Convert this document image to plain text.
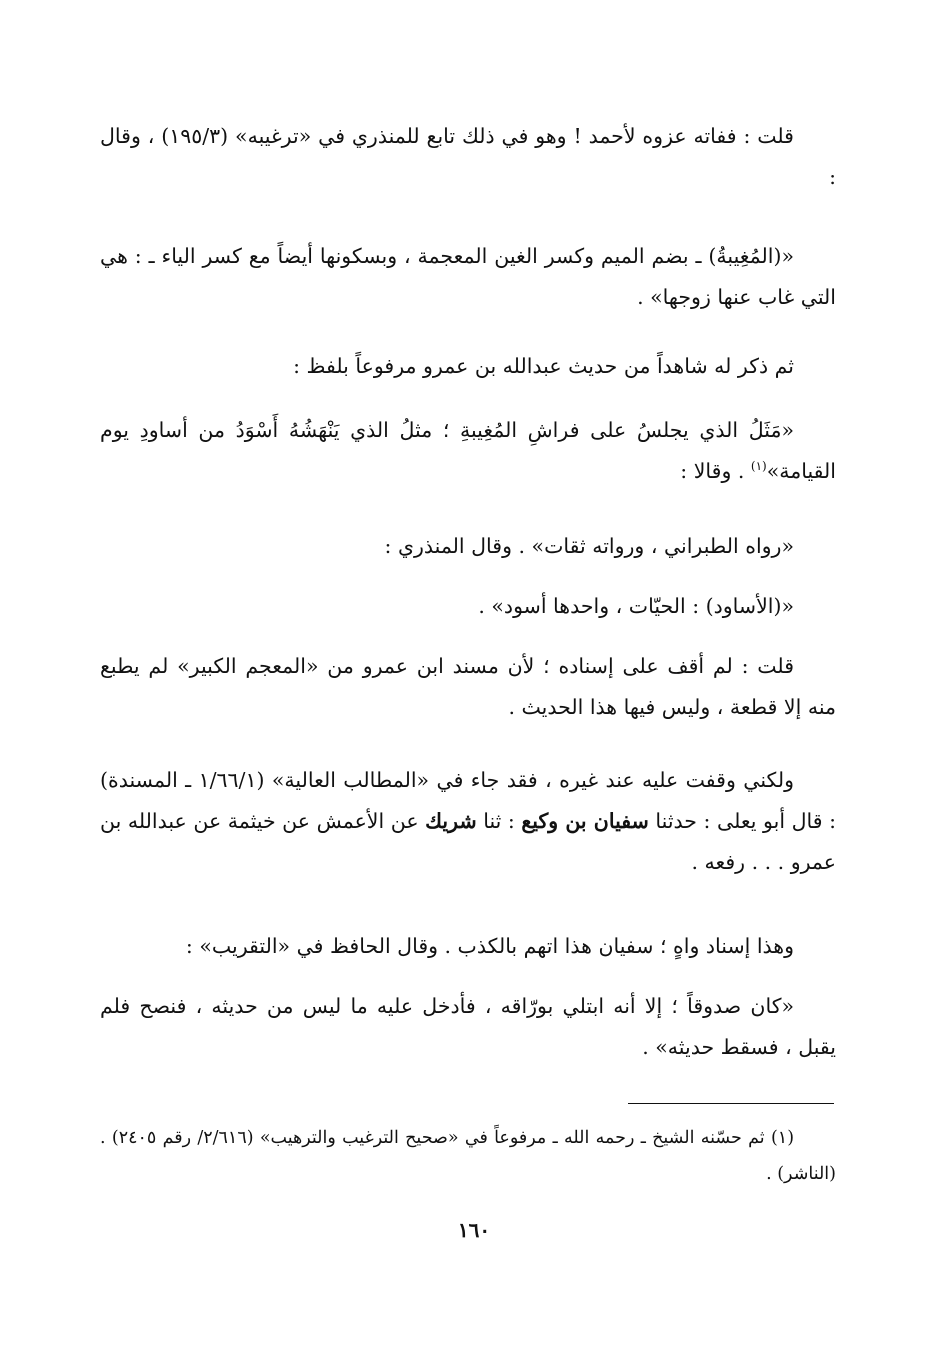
قلت : ففاته عزوه لأحمد ! وهو في ذلك تابع للمنذري في «ترغيبه» (١٩٥/٣) ، وقال :

«(المُغِيبةُ) ـ بضم الميم وكسر الغين المعجمة ، وبسكونها أيضاً مع كسر الياء ـ : هي التي غاب عنها زوجها» .

ثم ذكر له شاهداً من حديث عبدالله بن عمرو مرفوعاً بلفظ :

«مَثَلُ الذي يجلسُ على فراشِ المُغِيبةِ ؛ مثلُ الذي يَنْهَشُهُ أَسْوَدُ من أساودِ يوم القيامة»$^{(١)}$ . وقالا :

«رواه الطبراني ، ورواته ثقات» . وقال المنذري :

«(الأساود) : الحيّات ، واحدها أسود» .

قلت : لم أقف على إسناده ؛ لأن مسند ابن عمرو من «المعجم الكبير» لم يطبع منه إلا قطعة ، وليس فيها هذا الحديث .

ولكني وقفت عليه عند غيره ، فقد جاء في «المطالب العالية» (١/٦٦/١ ـ المسندة) : قال أبو يعلى : حدثنا سفيان بن وكيع : ثنا شريك عن الأعمش عن خيثمة عن عبدالله بن عمرو . . . رفعه .

وهذا إسناد واهٍ ؛ سفيان هذا اتهم بالكذب . وقال الحافظ في «التقريب» :

«كان صدوقاً ؛ إلا أنه ابتلي بورّاقه ، فأدخل عليه ما ليس من حديثه ، فنصح فلم يقبل ، فسقط حديثه» .

(١) ثم حسّنه الشيخ ـ رحمه الله ـ مرفوعاً في «صحيح الترغيب والترهيب» (٢/٦١٦/ رقم ٢٤٠٥) . (الناشر) .

١٦٠
